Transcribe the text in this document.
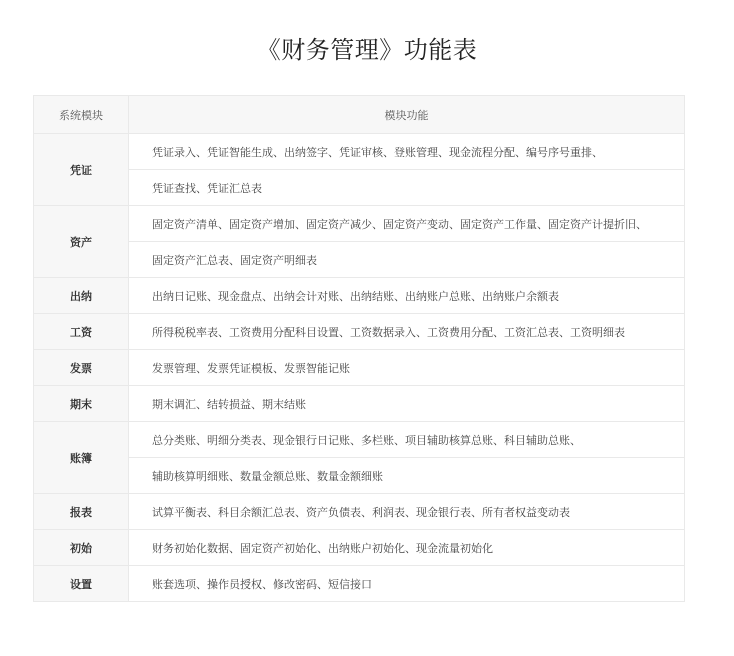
《财务管理》功能表
系统模块	模块功能
凭证	凭证录入、凭证智能生成、出纳签字、凭证审核、登账管理、现金流程分配、编号序号重排、
	凭证查找、凭证汇总表
资产	固定资产清单、固定资产增加、固定资产减少、固定资产变动、固定资产工作量、固定资产计提折旧、
	固定资产汇总表、固定资产明细表
出纳	出纳日记账、现金盘点、出纳会计对账、出纳结账、出纳账户总账、出纳账户余额表
工资	所得税税率表、工资费用分配科目设置、工资数据录入、工资费用分配、工资汇总表、工资明细表
发票	发票管理、发票凭证模板、发票智能记账
期末	期末调汇、结转损益、期末结账
账簿	总分类账、明细分类表、现金银行日记账、多栏账、项目辅助核算总账、科目辅助总账、
	辅助核算明细账、数量金额总账、数量金额细账
报表	试算平衡表、科目余额汇总表、资产负债表、利润表、现金银行表、所有者权益变动表
初始	财务初始化数据、固定资产初始化、出纳账户初始化、现金流量初始化
设置	账套选项、操作员授权、修改密码、短信接口
